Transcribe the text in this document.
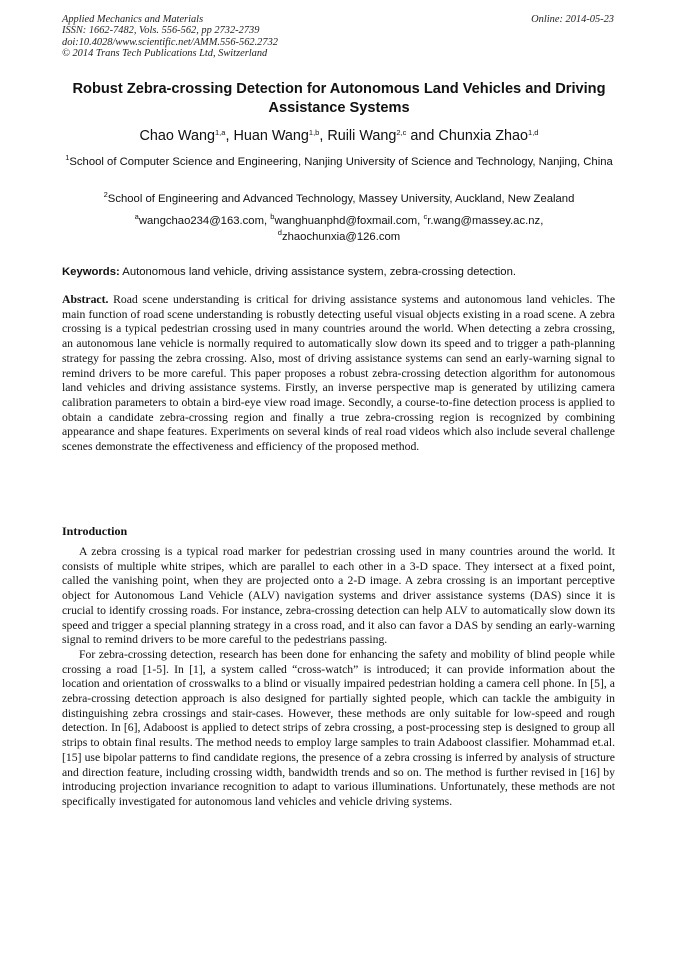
Applied Mechanics and Materials
ISSN: 1662-7482, Vols. 556-562, pp 2732-2739
doi:10.4028/www.scientific.net/AMM.556-562.2732
© 2014 Trans Tech Publications Ltd, Switzerland
Online: 2014-05-23
Robust Zebra-crossing Detection for Autonomous Land Vehicles and Driving Assistance Systems
Chao Wang$^{1,a}$, Huan Wang$^{1,b}$, Ruili Wang$^{2,c}$ and Chunxia Zhao$^{1,d}$
$^1$School of Computer Science and Engineering, Nanjing University of Science and Technology, Nanjing, China
$^2$School of Engineering and Advanced Technology, Massey University, Auckland, New Zealand
$^a$wangchao234@163.com, $^b$wanghuanphd@foxmail.com, $^c$r.wang@massey.ac.nz,
$^d$zhaochunxia@126.com
Keywords: Autonomous land vehicle, driving assistance system, zebra-crossing detection.
Abstract. Road scene understanding is critical for driving assistance systems and autonomous land vehicles. The main function of road scene understanding is robustly detecting useful visual objects existing in a road scene. A zebra crossing is a typical pedestrian crossing used in many countries around the world. When detecting a zebra crossing, an autonomous lane vehicle is normally required to automatically slow down its speed and to trigger a path-planning strategy for passing the zebra crossing. Also, most of driving assistance systems can send an early-warning signal to remind drivers to be more careful. This paper proposes a robust zebra-crossing detection algorithm for autonomous land vehicles and driving assistance systems. Firstly, an inverse perspective map is generated by utilizing camera calibration parameters to obtain a bird-eye view road image. Secondly, a course-to-fine detection process is applied to obtain a candidate zebra-crossing region and finally a true zebra-crossing region is recognized by combining appearance and shape features. Experiments on several kinds of real road videos which also include several challenge scenes demonstrate the effectiveness and efficiency of the proposed method.
Introduction

A zebra crossing is a typical road marker for pedestrian crossing used in many countries around the world. It consists of multiple white stripes, which are parallel to each other in a 3-D space. They intersect at a fixed point, called the vanishing point, when they are projected onto a 2-D image. A zebra crossing is an important perceptive object for Autonomous Land Vehicle (ALV) navigation systems and driver assistance systems (DAS) since it is crucial to identify crossing roads. For instance, zebra-crossing detection can help ALV to automatically slow down its speed and trigger a special planning strategy in a cross road, and it also can favor a DAS by sending an early-warning signal to remind drivers to be more careful to the pedestrians passing.

For zebra-crossing detection, research has been done for enhancing the safety and mobility of blind people while crossing a road [1-5]. In [1], a system called “cross-watch” is introduced; it can provide information about the location and orientation of crosswalks to a blind or visually impaired pedestrian holding a camera cell phone. In [5], a zebra-crossing detection approach is also designed for partially sighted people, which can tackle the ambiguity in distinguishing zebra crossings and stair-cases. However, these methods are only suitable for low-speed and rough detection. In [6], Adaboost is applied to detect strips of zebra crossing, a post-processing step is designed to group all strips to obtain final results. The method needs to employ large samples to train Adaboost classifier. Mohammad et.al. [15] use bipolar patterns to find candidate regions, the presence of a zebra crossing is inferred by analysis of structure and direction feature, including crossing width, bandwidth trends and so on. The method is further revised in [16] by introducing projection invariance recognition to adapt to various illuminations. Unfortunately, these methods are not specifically investigated for autonomous land vehicles and vehicle driving systems.
